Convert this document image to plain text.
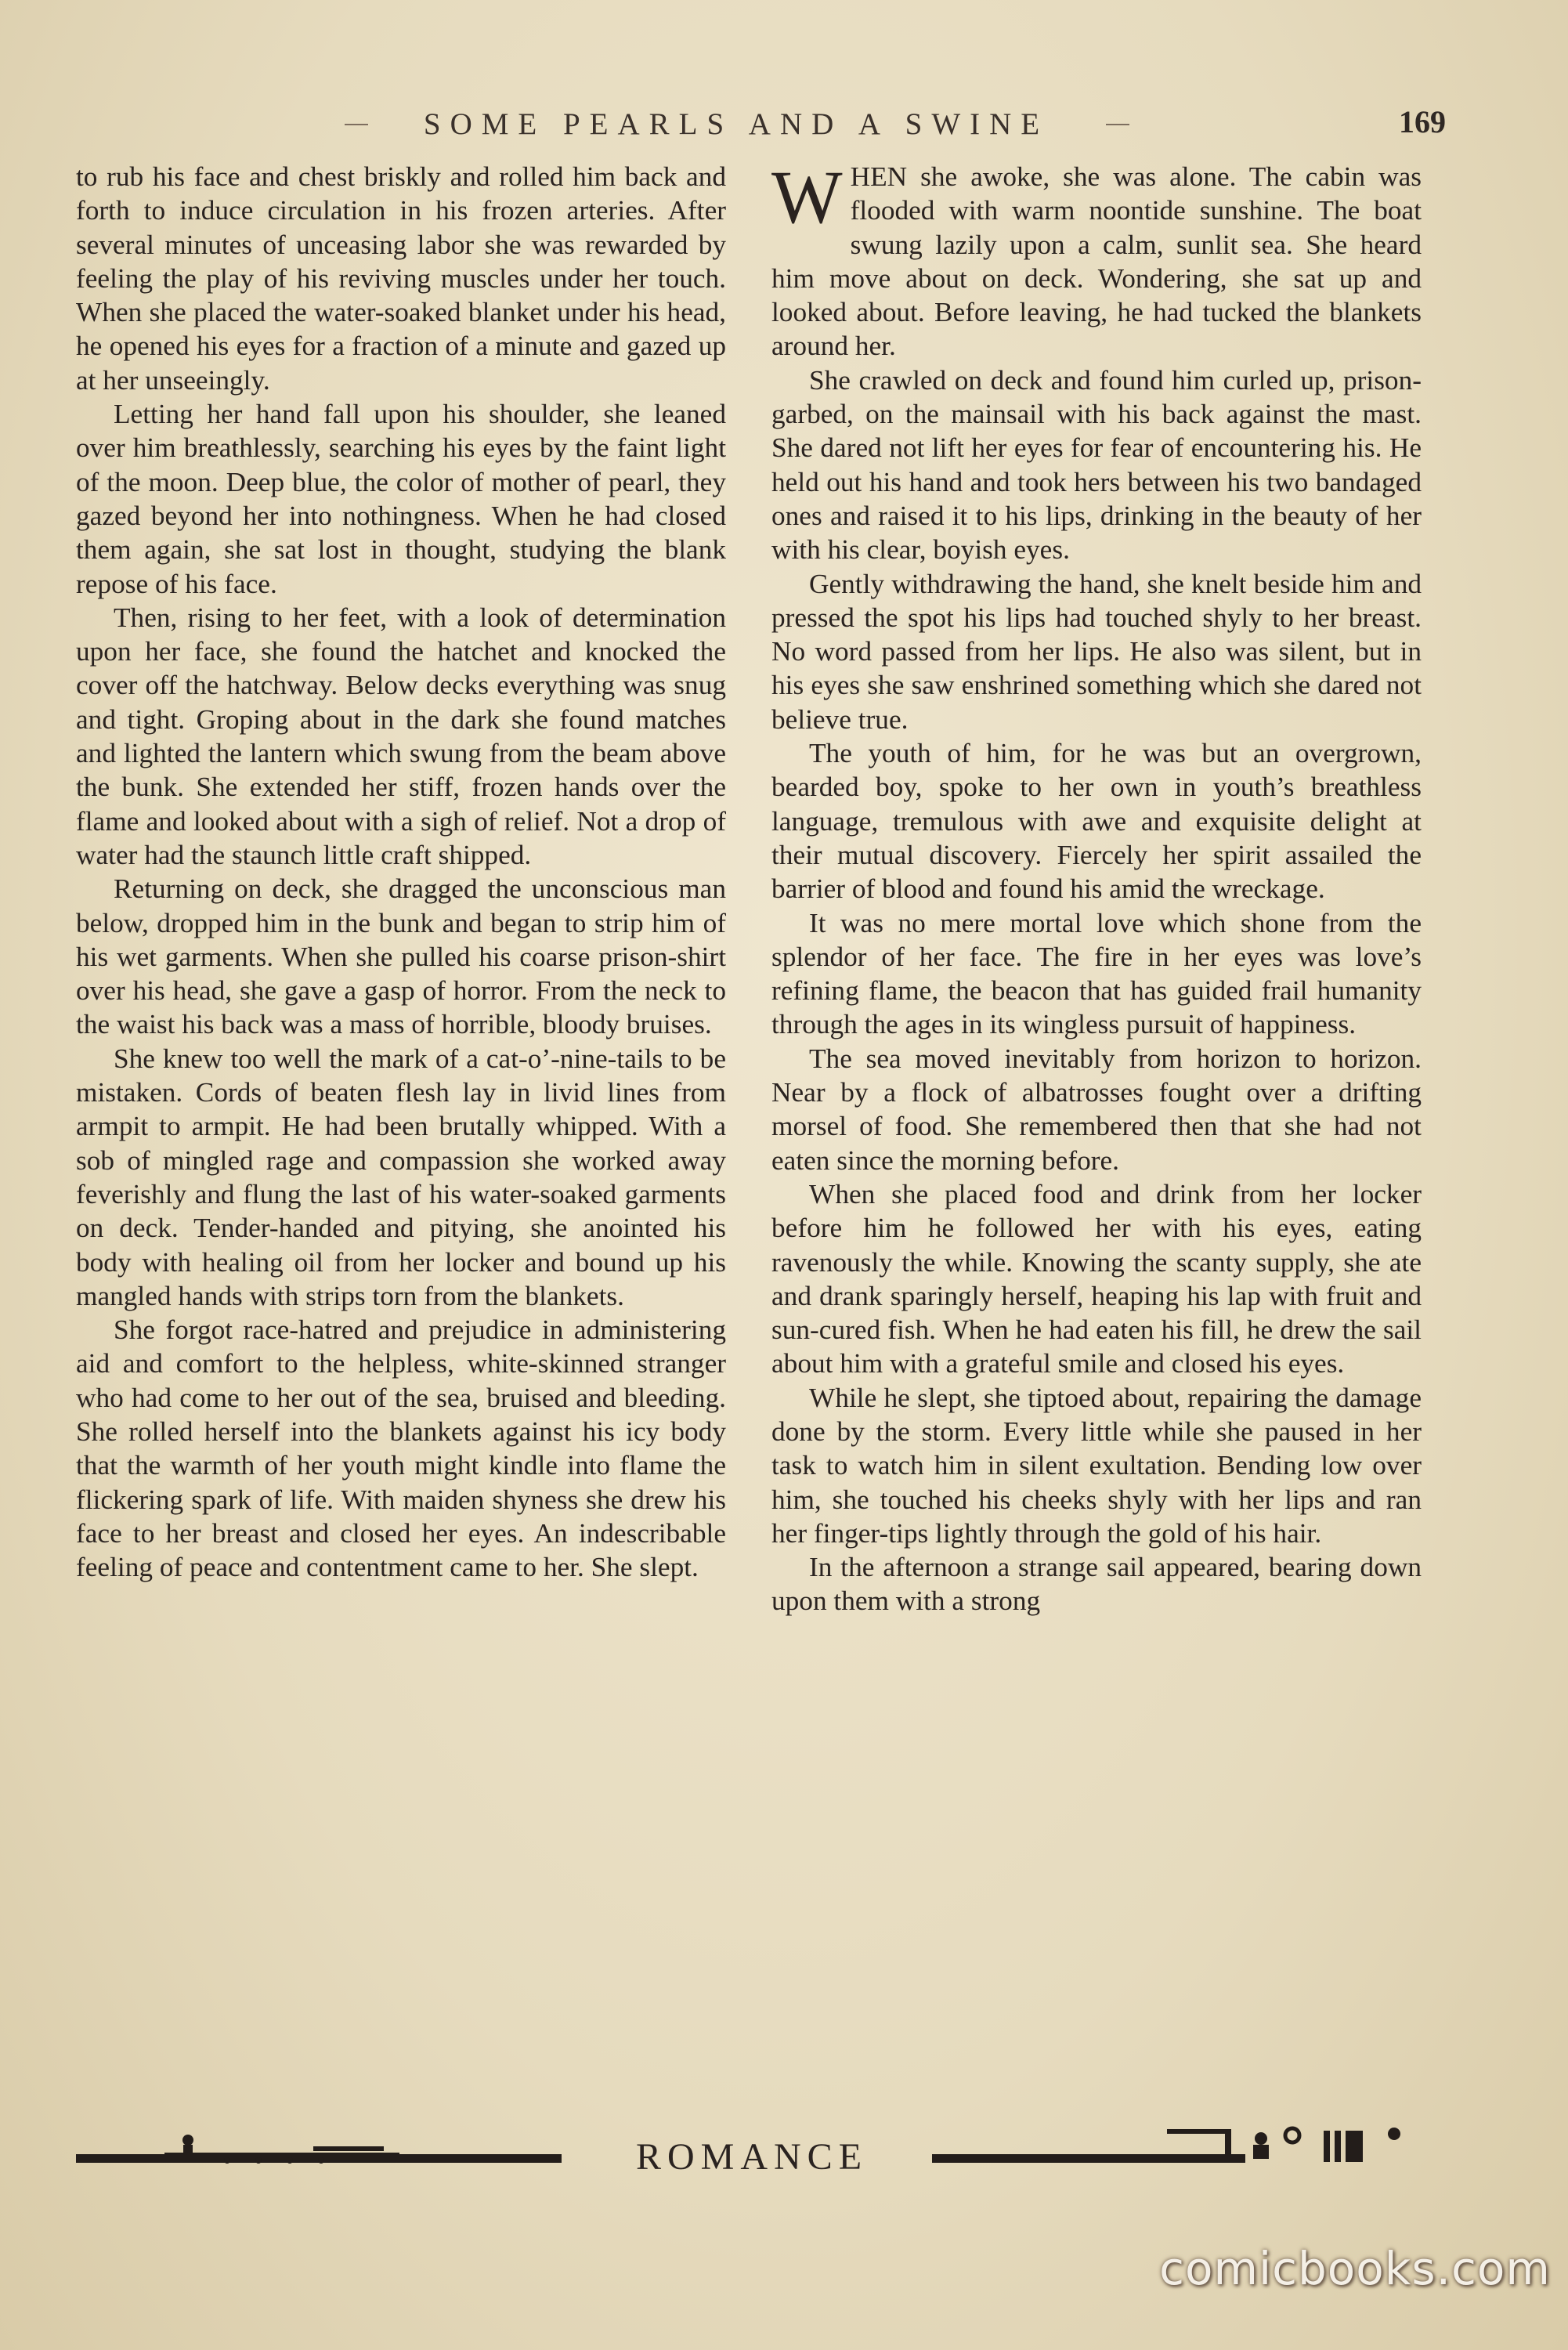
SOME PEARLS AND A SWINE	169

to rub his face and chest briskly and rolled him back and forth to induce circulation in his frozen arteries. After several minutes of unceasing labor she was rewarded by feeling the play of his reviving muscles under her touch. When she placed the water-soaked blanket under his head, he opened his eyes for a fraction of a minute and gazed up at her unseeingly.

Letting her hand fall upon his shoulder, she leaned over him breathlessly, searching his eyes by the faint light of the moon. Deep blue, the color of mother of pearl, they gazed beyond her into nothingness. When he had closed them again, she sat lost in thought, studying the blank repose of his face.

Then, rising to her feet, with a look of determination upon her face, she found the hatchet and knocked the cover off the hatchway. Below decks everything was snug and tight. Groping about in the dark she found matches and lighted the lantern which swung from the beam above the bunk. She extended her stiff, frozen hands over the flame and looked about with a sigh of relief. Not a drop of water had the staunch little craft shipped.

Returning on deck, she dragged the unconscious man below, dropped him in the bunk and began to strip him of his wet garments. When she pulled his coarse prison-shirt over his head, she gave a gasp of horror. From the neck to the waist his back was a mass of horrible, bloody bruises.

She knew too well the mark of a cat-o’-nine-tails to be mistaken. Cords of beaten flesh lay in livid lines from armpit to armpit. He had been brutally whipped. With a sob of mingled rage and compassion she worked away feverishly and flung the last of his water-soaked garments on deck. Tender-handed and pitying, she anointed his body with healing oil from her locker and bound up his mangled hands with strips torn from the blankets.

She forgot race-hatred and prejudice in administering aid and comfort to the helpless, white-skinned stranger who had come to her out of the sea, bruised and bleeding. She rolled herself into the blankets against his icy body that the warmth of her youth might kindle into flame the flickering spark of life. With maiden shyness she drew his face to her breast and closed her eyes. An indescribable feeling of peace and contentment came to her. She slept.

W HEN she awoke, she was alone. The cabin was flooded with warm noontide sunshine. The boat swung lazily upon a calm, sunlit sea. She heard him move about on deck. Wondering, she sat up and looked about. Before leaving, he had tucked the blankets around her.

She crawled on deck and found him curled up, prison-garbed, on the mainsail with his back against the mast. She dared not lift her eyes for fear of encountering his. He held out his hand and took hers between his two bandaged ones and raised it to his lips, drinking in the beauty of her with his clear, boyish eyes.

Gently withdrawing the hand, she knelt beside him and pressed the spot his lips had touched shyly to her breast. No word passed from her lips. He also was silent, but in his eyes she saw enshrined something which she dared not believe true.

The youth of him, for he was but an overgrown, bearded boy, spoke to her own in youth’s breathless language, tremulous with awe and exquisite delight at their mutual discovery. Fiercely her spirit assailed the barrier of blood and found his amid the wreckage.

It was no mere mortal love which shone from the splendor of her face. The fire in her eyes was love’s refining flame, the beacon that has guided frail humanity through the ages in its wingless pursuit of happiness.

The sea moved inevitably from horizon to horizon. Near by a flock of albatrosses fought over a drifting morsel of food. She remembered then that she had not eaten since the morning before.

When she placed food and drink from her locker before him he followed her with his eyes, eating ravenously the while. Knowing the scanty supply, she ate and drank sparingly herself, heaping his lap with fruit and sun-cured fish. When he had eaten his fill, he drew the sail about him with a grateful smile and closed his eyes.

While he slept, she tiptoed about, repairing the damage done by the storm. Every little while she paused in her task to watch him in silent exultation. Bending low over him, she touched his cheeks shyly with her lips and ran her finger-tips lightly through the gold of his hair.

In the afternoon a strange sail appeared, bearing down upon them with a strong

ROMANCE
comicbooks.com
